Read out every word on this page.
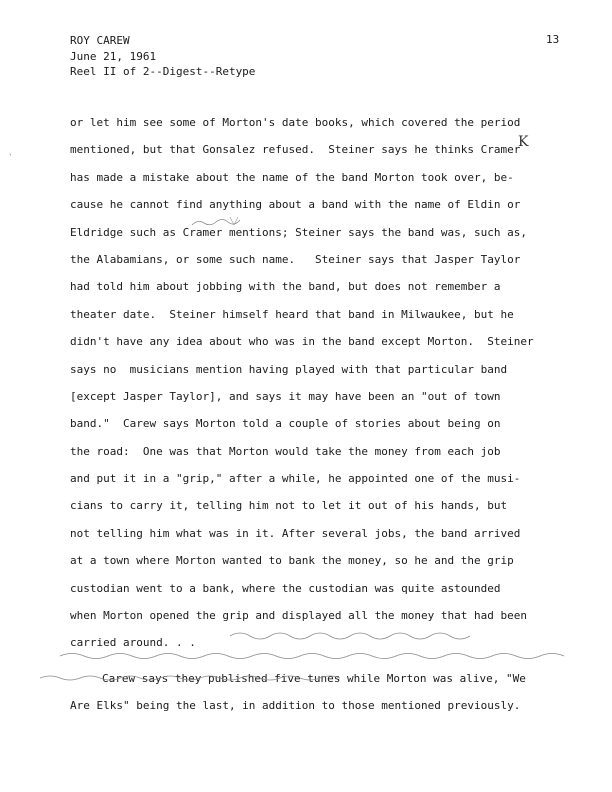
ROY CAREW
June 21, 1961
Reel II of 2--Digest--Retype
13
K
`
or let him see some of Morton's date books, which covered the period
mentioned, but that Gonsalez refused.  Steiner says he thinks Cramer
has made a mistake about the name of the band Morton took over, be-
cause he cannot find anything about a band with the name of Eldin or
Eldridge such as Cramer mentions; Steiner says the band was, such as,
the Alabamians, or some such name.   Steiner says that Jasper Taylor
had told him about jobbing with the band, but does not remember a
theater date.  Steiner himself heard that band in Milwaukee, but he
didn't have any idea about who was in the band except Morton.  Steiner
says no  musicians mention having played with that particular band
[except Jasper Taylor], and says it may have been an "out of town
band."  Carew says Morton told a couple of stories about being on
the road:  One was that Morton would take the money from each job
and put it in a "grip," after a while, he appointed one of the musi-
cians to carry it, telling him not to let it out of his hands, but
not telling him what was in it. After several jobs, the band arrived
at a town where Morton wanted to bank the money, so he and the grip
custodian went to a bank, where the custodian was quite astounded
when Morton opened the grip and displayed all the money that had been
carried around. . .
Carew says they published five tunes while Morton was alive, "We
Are Elks" being the last, in addition to those mentioned previously.
